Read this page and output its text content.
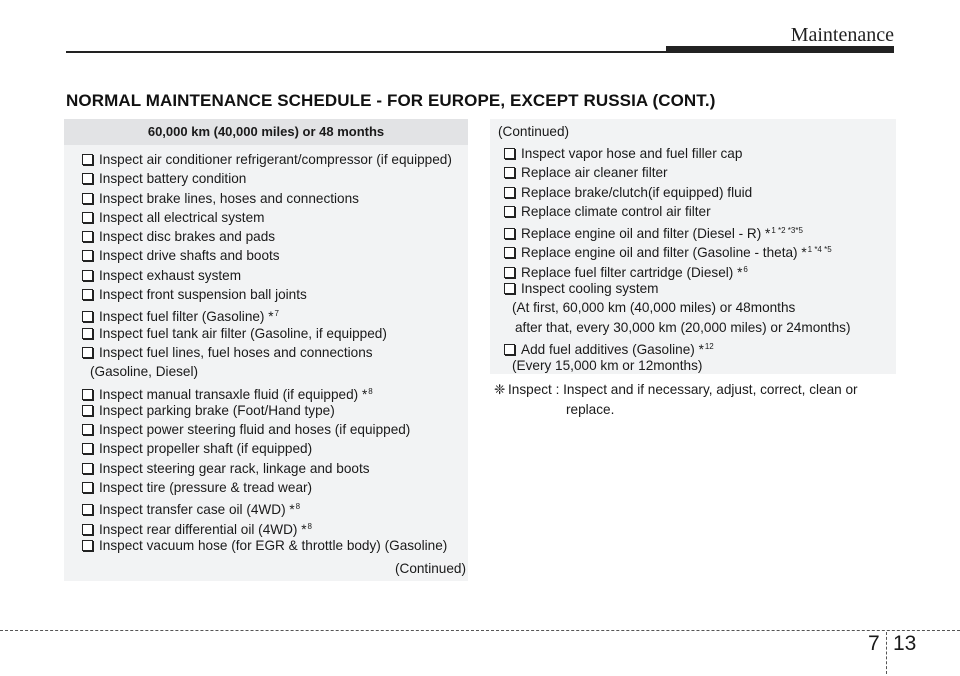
Maintenance
NORMAL MAINTENANCE SCHEDULE - FOR EUROPE, EXCEPT RUSSIA (CONT.)
60,000 km (40,000 miles) or 48 months
Inspect air conditioner refrigerant/compressor (if equipped)
Inspect battery condition
Inspect brake lines, hoses and connections
Inspect all electrical system
Inspect disc brakes and pads
Inspect drive shafts and boots
Inspect exhaust system
Inspect front suspension ball joints
Inspect fuel filter (Gasoline) *$^7$
Inspect fuel tank air filter (Gasoline, if equipped)
Inspect fuel lines, fuel hoses and connections
(Gasoline, Diesel)
Inspect manual transaxle fluid (if equipped) *$^8$
Inspect parking brake (Foot/Hand type)
Inspect power steering fluid and hoses (if equipped)
Inspect propeller shaft (if equipped)
Inspect steering gear rack, linkage and boots
Inspect tire (pressure & tread wear)
Inspect transfer case oil (4WD) *$^8$
Inspect rear differential oil (4WD) *$^8$
Inspect vacuum hose (for EGR & throttle body) (Gasoline)
(Continued)
(Continued)
Inspect vapor hose and fuel filler cap
Replace air cleaner filter
Replace brake/clutch(if equipped) fluid
Replace climate control air filter
Replace engine oil and filter (Diesel - R) *$^{1 *2 *3*5}$
Replace engine oil and filter (Gasoline - theta) *$^{1 *4 *5}$
Replace fuel filter cartridge (Diesel) *$^6$
Inspect cooling system
(At first, 60,000 km (40,000 miles) or 48months
after that, every 30,000 km (20,000 miles) or 24months)
Add fuel additives (Gasoline) *$^{12}$
(Every 15,000 km or 12months)
❈ Inspect : Inspect and if necessary, adjust, correct, clean or
replace.
7 13
